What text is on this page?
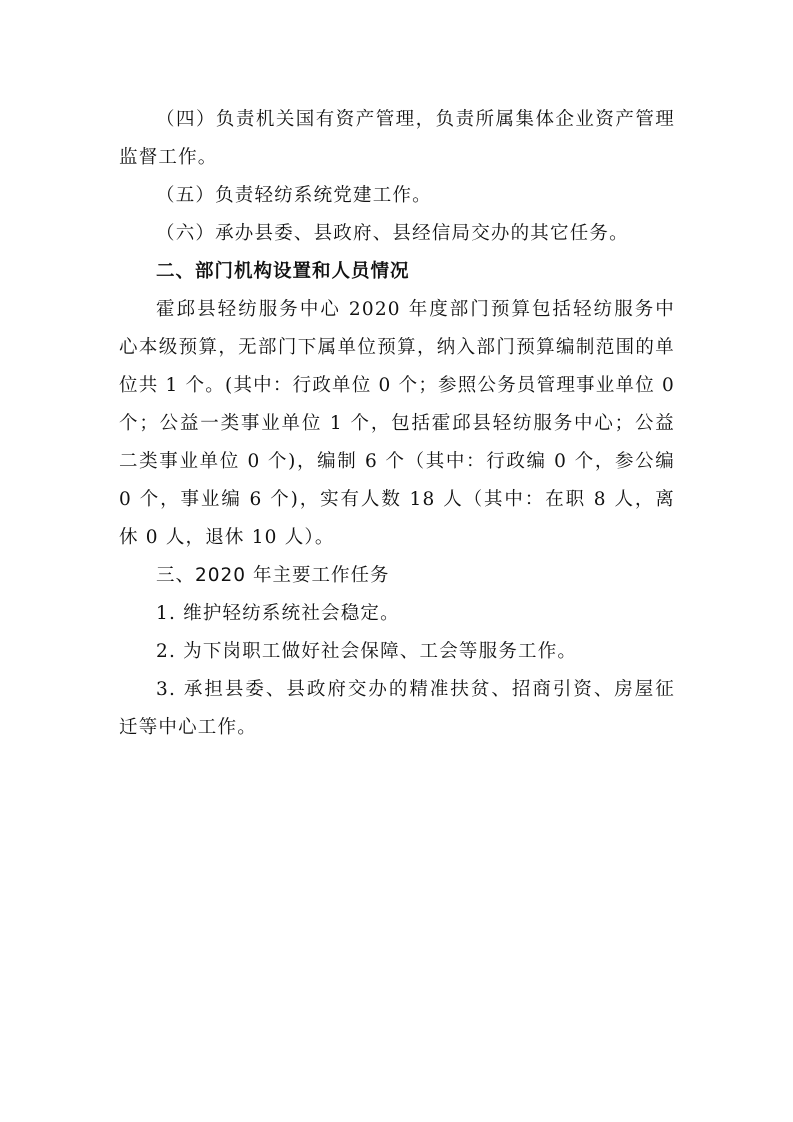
（四）负责机关国有资产管理，负责所属集体企业资产管理监督工作。

（五）负责轻纺系统党建工作。

（六）承办县委、县政府、县经信局交办的其它任务。

二、部门机构设置和人员情况

霍邱县轻纺服务中心 2020 年度部门预算包括轻纺服务中心本级预算，无部门下属单位预算，纳入部门预算编制范围的单位共 1 个。(其中：行政单位 0 个；参照公务员管理事业单位 0 个；公益一类事业单位 1 个，包括霍邱县轻纺服务中心；公益二类事业单位 0 个)，编制 6 个（其中：行政编 0 个，参公编 0 个，事业编 6 个)，实有人数 18 人（其中：在职 8 人，离休 0 人，退休 10 人）。

三、2020 年主要工作任务

1. 维护轻纺系统社会稳定。

2. 为下岗职工做好社会保障、工会等服务工作。

3. 承担县委、县政府交办的精准扶贫、招商引资、房屋征迁等中心工作。
